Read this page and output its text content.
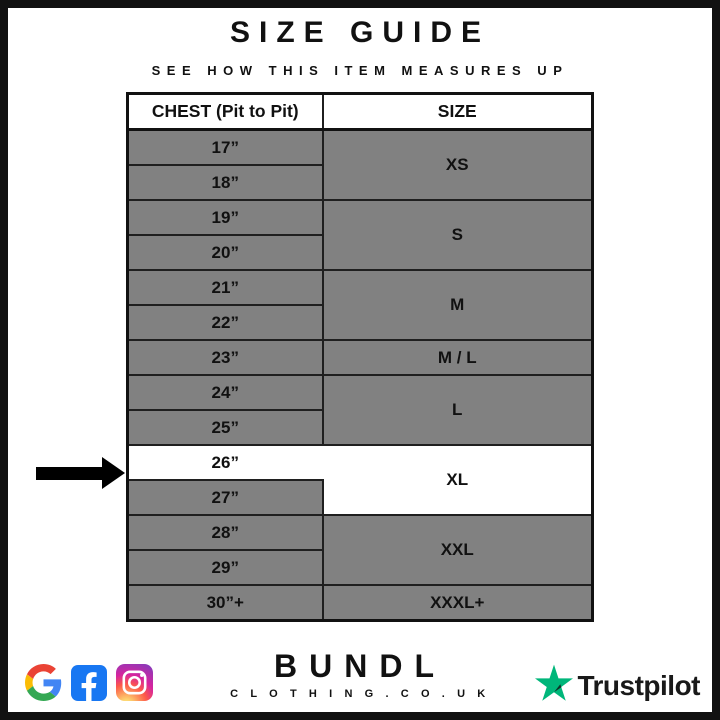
SIZE GUIDE
SEE HOW THIS ITEM MEASURES UP
CHEST (Pit to Pit)	SIZE
17”	XS
18”	
19”	S
20”	
21”	M
22”	
23”	M / L
24”	L
25”	
26”	XL
27”	
28”	XXL
29”	
30”+	XXXL+
BUNDL
C L O T H I N G . C O . U K	Trustpilot
